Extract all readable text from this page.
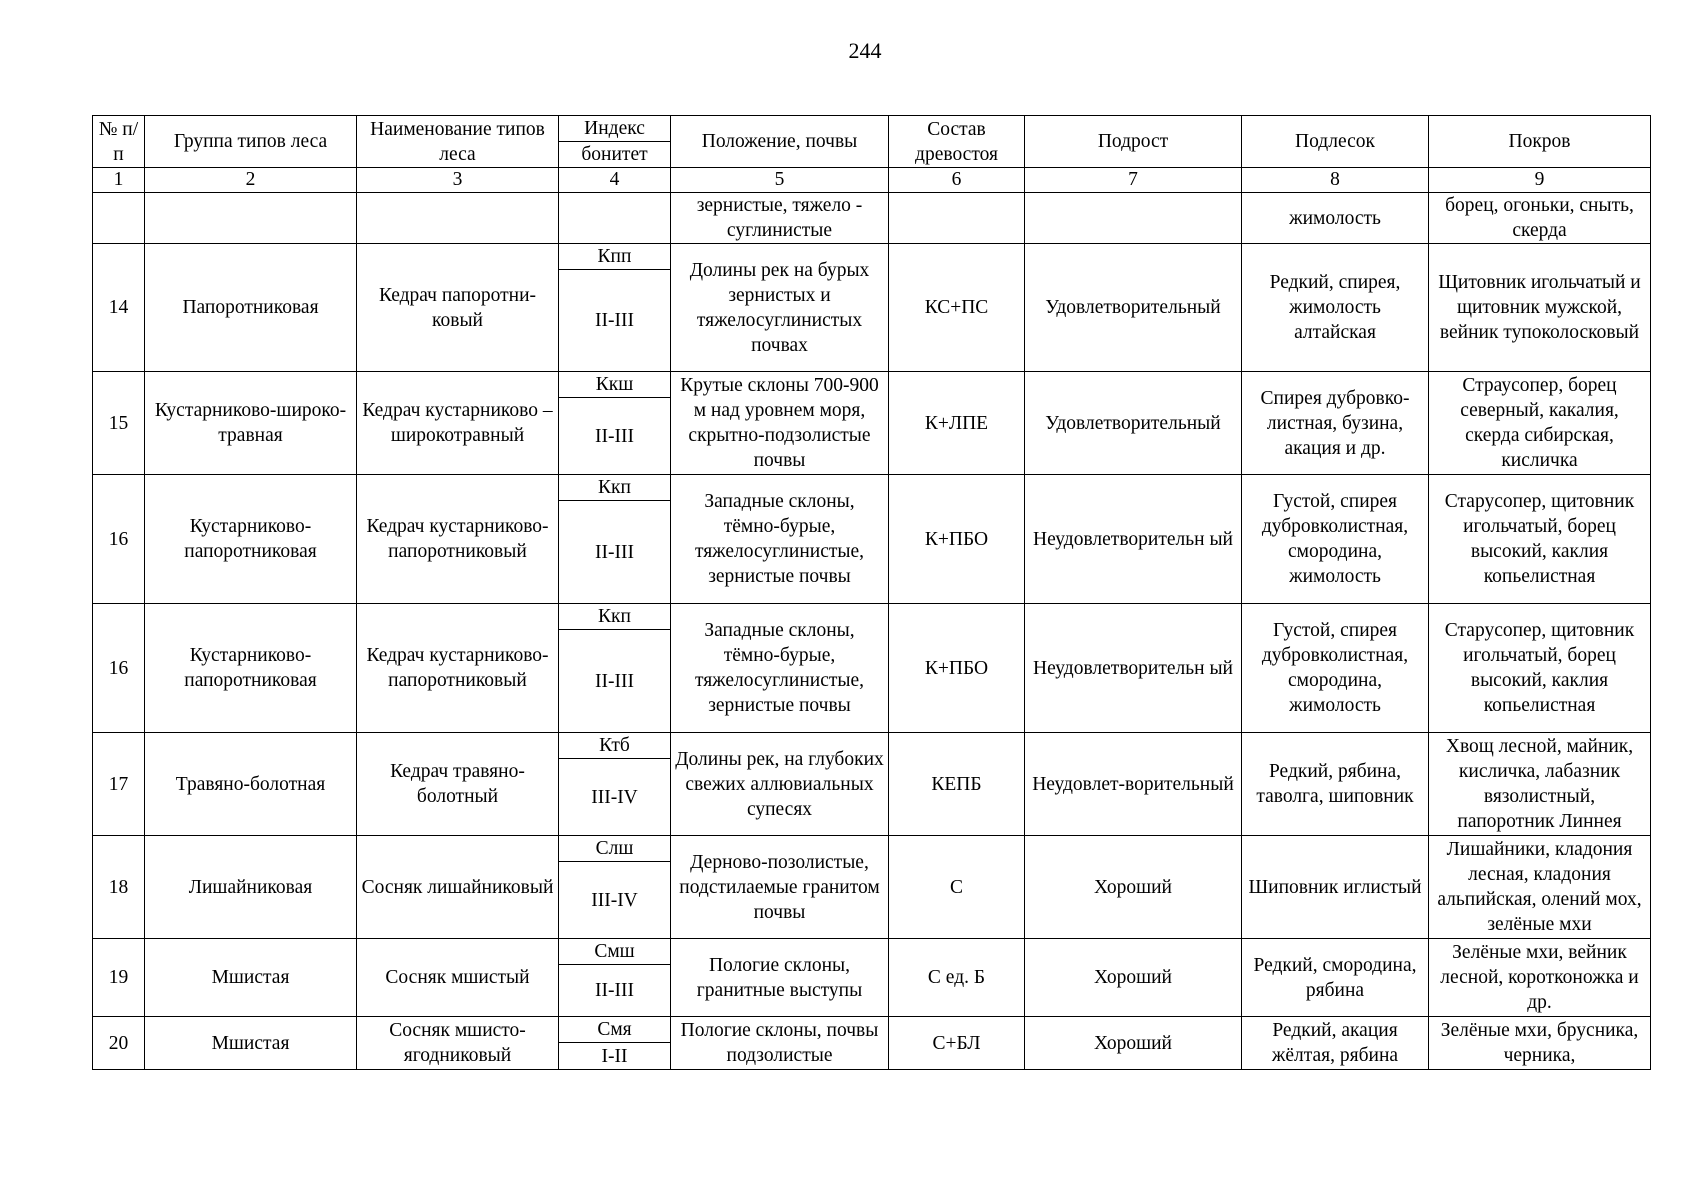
244
№ п/п	Группа типов леса	Наименование типов леса	Индекс	Положение, почвы	Состав древостоя	Подрост	Подлесок	Покров
			бонитет					
1	2	3	4	5	6	7	8	9
				зернистые, тяжело - суглинистые			жимолость	борец, огоньки, сныть, скерда
14	Папоротниковая	Кедрач папоротни-ковый	Кпп	Долины рек на бурых зернистых и тяжелосуглинистых почвах	КС+ПС	Удовлетворительный	Редкий, спирея, жимолость алтайская	Щитовник игольчатый и щитовник мужской, вейник тупоколосковый
			II-III					
15	Кустарниково-широко-травная	Кедрач кустарниково – широкотравный	Ккш	Крутые склоны 700-900 м над уровнем моря, скрытно-подзолистые почвы	К+ЛПЕ	Удовлетворительный	Спирея дубровко-листная, бузина, акация и др.	Страусопер, борец северный, какалия, скерда сибирская, кисличка
			II-III					
16	Кустарниково-папоротниковая	Кедрач кустарниково-папоротниковый	Ккп	Западные склоны, тёмно-бурые, тяжелосуглинистые, зернистые почвы	К+ПБО	Неудовлетворительн ый	Густой, спирея дубровколистная, смородина, жимолость	Старусопер, щитовник игольчатый, борец высокий, каклия копьелистная
			II-III					
16	Кустарниково-папоротниковая	Кедрач кустарниково-папоротниковый	Ккп	Западные склоны, тёмно-бурые, тяжелосуглинистые, зернистые почвы	К+ПБО	Неудовлетворительн ый	Густой, спирея дубровколистная, смородина, жимолость	Старусопер, щитовник игольчатый, борец высокий, каклия копьелистная
			II-III					
17	Травяно-болотная	Кедрач травяно-болотный	Ктб	Долины рек, на глубоких свежих аллювиальных супесях	КЕПБ	Неудовлет-ворительный	Редкий, рябина, таволга, шиповник	Хвощ лесной, майник, кисличка, лабазник вязолистный, папоротник Линнея
			III-IV					
18	Лишайниковая	Сосняк лишайниковый	Слш	Дерново-позолистые, подстилаемые гранитом почвы	С	Хороший	Шиповник иглистый	Лишайники, кладония лесная, кладония альпийская, олений мох, зелёные мхи
			III-IV					
19	Мшистая	Сосняк мшистый	Смш	Пологие склоны, гранитные выступы	С ед. Б	Хороший	Редкий, смородина, рябина	Зелёные мхи, вейник лесной, коротконожка и др.
			II-III					
20	Мшистая	Сосняк мшисто-ягодниковый	Смя	Пологие склоны, почвы подзолистые	С+БЛ	Хороший	Редкий, акация жёлтая, рябина	Зелёные мхи, брусника, черника,
			I-II					
